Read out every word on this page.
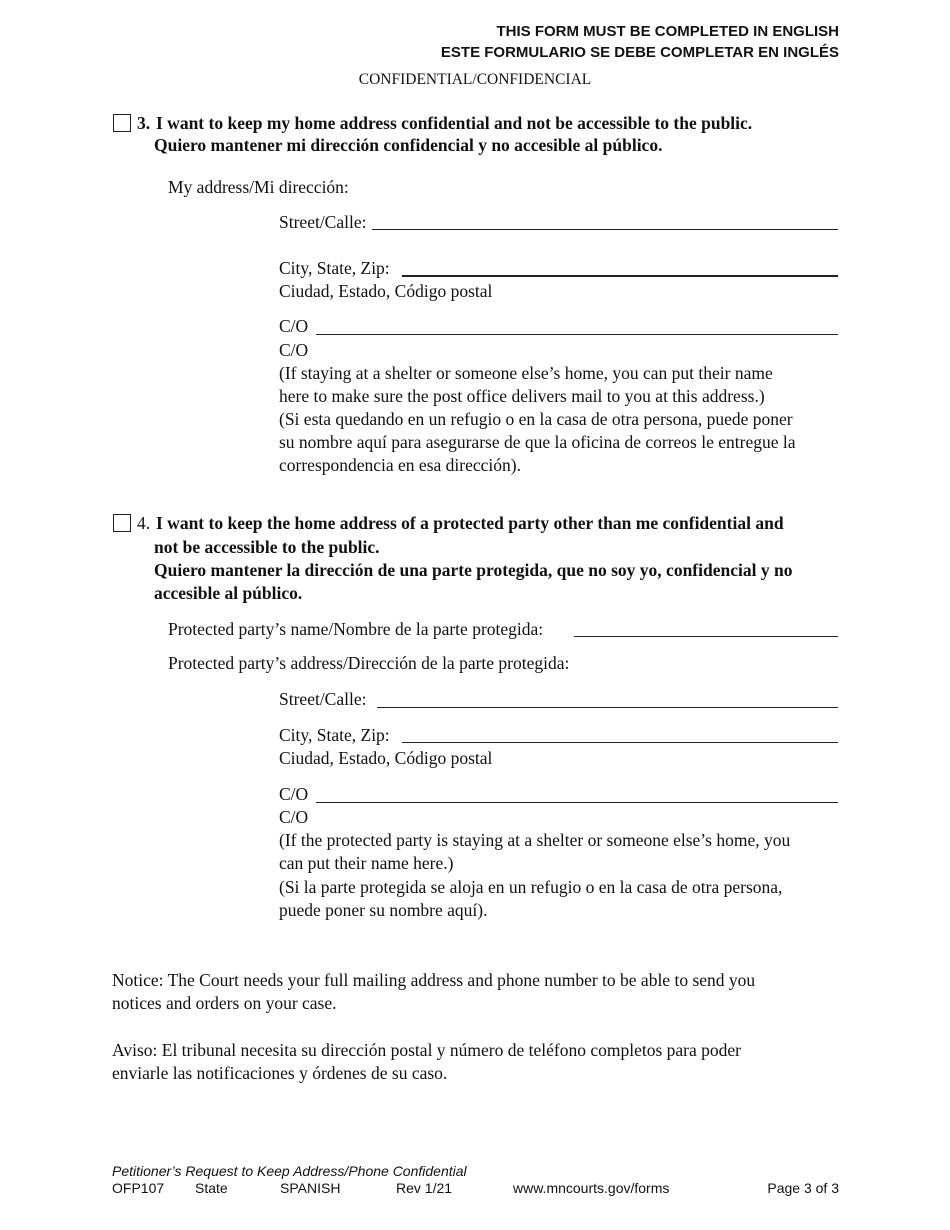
THIS FORM MUST BE COMPLETED IN ENGLISH
ESTE FORMULARIO SE DEBE COMPLETAR EN INGLÉS
CONFIDENTIAL/CONFIDENCIAL
3. I want to keep my home address confidential and not be accessible to the public.
Quiero mantener mi dirección confidencial y no accesible al público.
My address/Mi dirección:
Street/Calle:
City, State, Zip:
Ciudad, Estado, Código postal
C/O
C/O
(If staying at a shelter or someone else’s home, you can put their name
here to make sure the post office delivers mail to you at this address.)
(Si esta quedando en un refugio o en la casa de otra persona, puede poner
su nombre aquí para asegurarse de que la oficina de correos le entregue la
correspondencia en esa dirección).
4. I want to keep the home address of a protected party other than me confidential and
not be accessible to the public.
Quiero mantener la dirección de una parte protegida, que no soy yo, confidencial y no
accesible al público.
Protected party’s name/Nombre de la parte protegida:
Protected party’s address/Dirección de la parte protegida:
Street/Calle:
City, State, Zip:
Ciudad, Estado, Código postal
C/O
C/O
(If the protected party is staying at a shelter or someone else’s home, you
can put their name here.)
(Si la parte protegida se aloja en un refugio o en la casa de otra persona,
puede poner su nombre aquí).
Notice: The Court needs your full mailing address and phone number to be able to send you
notices and orders on your case.
Aviso: El tribunal necesita su dirección postal y número de teléfono completos para poder
enviarle las notificaciones y órdenes de su caso.
Petitioner’s Request to Keep Address/Phone Confidential
OFP107 State	SPANISH	Rev 1/21	www.mncourts.gov/forms	Page 3 of 3
